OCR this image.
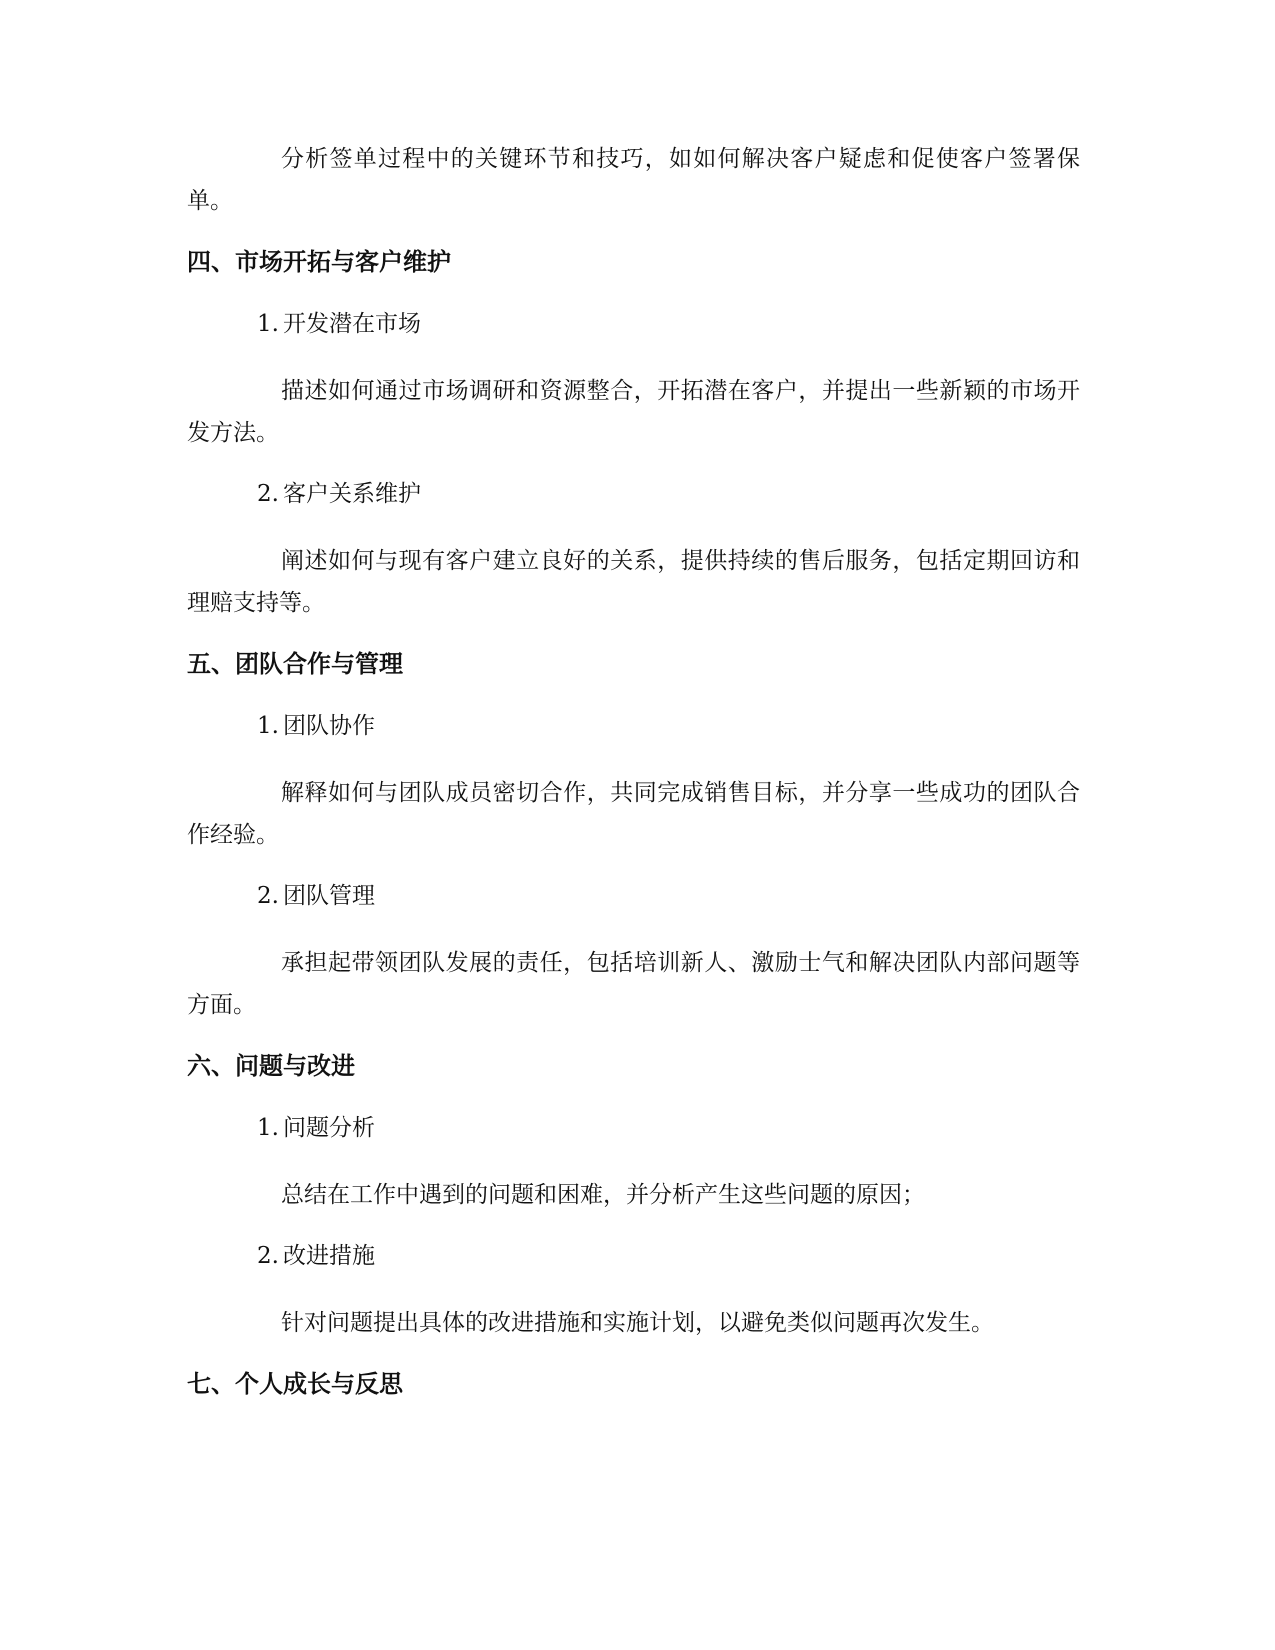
分析签单过程中的关键环节和技巧，如如何解决客户疑虑和促使客户签署保单。

四、市场开拓与客户维护
1. 开发潜在市场

描述如何通过市场调研和资源整合，开拓潜在客户，并提出一些新颖的市场开发方法。

2. 客户关系维护

阐述如何与现有客户建立良好的关系，提供持续的售后服务，包括定期回访和理赔支持等。

五、团队合作与管理
1. 团队协作

解释如何与团队成员密切合作，共同完成销售目标，并分享一些成功的团队合作经验。

2. 团队管理

承担起带领团队发展的责任，包括培训新人、激励士气和解决团队内部问题等方面。

六、问题与改进
1. 问题分析

总结在工作中遇到的问题和困难，并分析产生这些问题的原因；

2. 改进措施

针对问题提出具体的改进措施和实施计划，以避免类似问题再次发生。

七、个人成长与反思
